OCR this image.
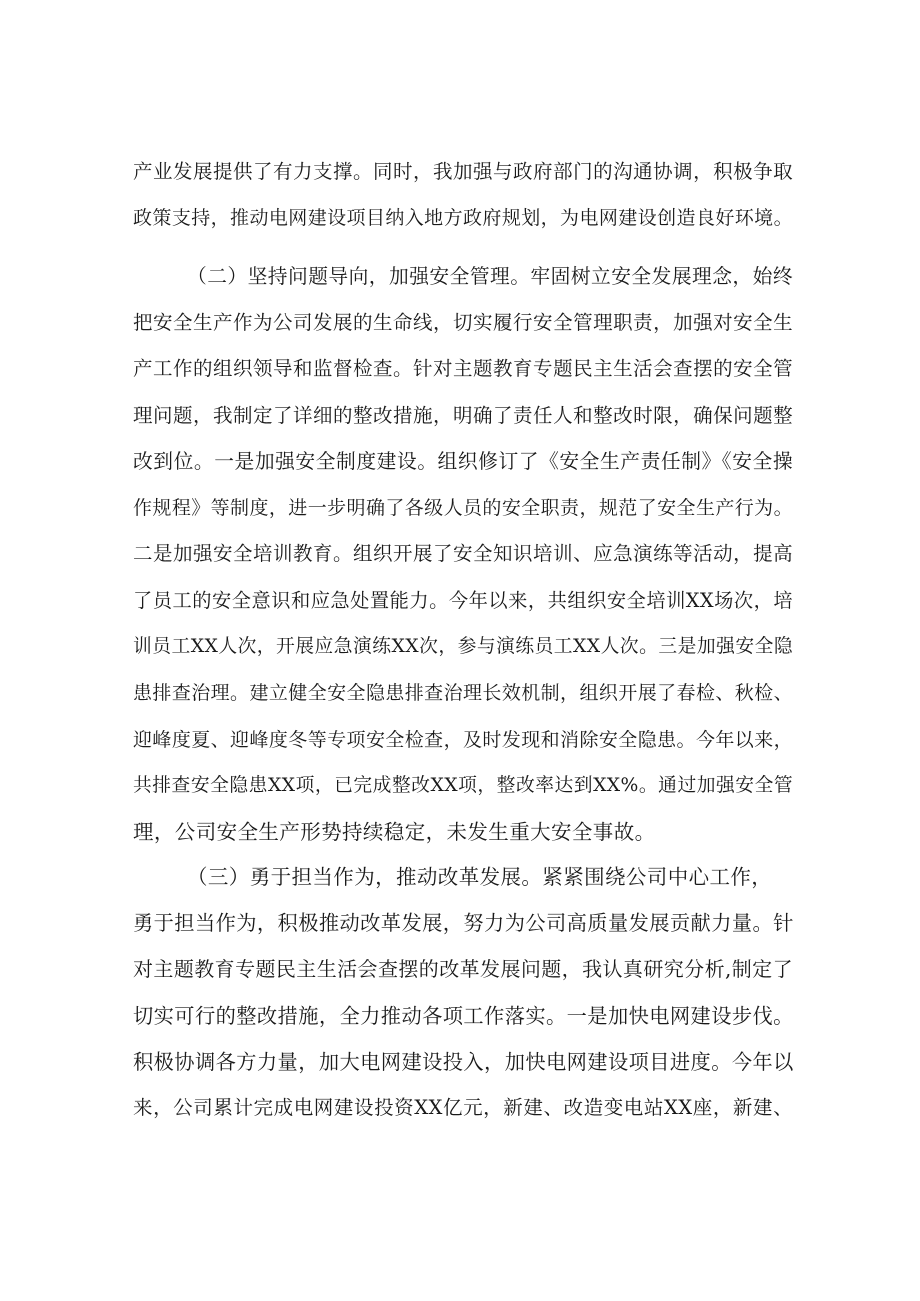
产业发展提供了有力支撑。同时，我加强与政府部门的沟通协调，积极争取
政策支持，推动电网建设项目纳入地方政府规划，为电网建设创造良好环境。
（二）坚持问题导向，加强安全管理。牢固树立安全发展理念，始终
把安全生产作为公司发展的生命线，切实履行安全管理职责，加强对安全生
产工作的组织领导和监督检查。针对主题教育专题民主生活会查摆的安全管
理问题，我制定了详细的整改措施，明确了责任人和整改时限，确保问题整
改到位。一是加强安全制度建设。组织修订了《安全生产责任制》《安全操
作规程》等制度，进一步明确了各级人员的安全职责，规范了安全生产行为。
二是加强安全培训教育。组织开展了安全知识培训、应急演练等活动，提高
了员工的安全意识和应急处置能力。今年以来，共组织安全培训XX场次，培
训员工XX人次，开展应急演练XX次，参与演练员工XX人次。三是加强安全隐
患排查治理。建立健全安全隐患排查治理长效机制，组织开展了春检、秋检、
迎峰度夏、迎峰度冬等专项安全检查，及时发现和消除安全隐患。今年以来，
共排查安全隐患XX项，已完成整改XX项，整改率达到XX%。通过加强安全管
理，公司安全生产形势持续稳定，未发生重大安全事故。
（三）勇于担当作为，推动改革发展。紧紧围绕公司中心工作，
勇于担当作为，积极推动改革发展，努力为公司高质量发展贡献力量。针
对主题教育专题民主生活会查摆的改革发展问题，我认真研究分析,制定了
切实可行的整改措施，全力推动各项工作落实。一是加快电网建设步伐。
积极协调各方力量，加大电网建设投入，加快电网建设项目进度。今年以
来，公司累计完成电网建设投资XX亿元，新建、改造变电站XX座，新建、
